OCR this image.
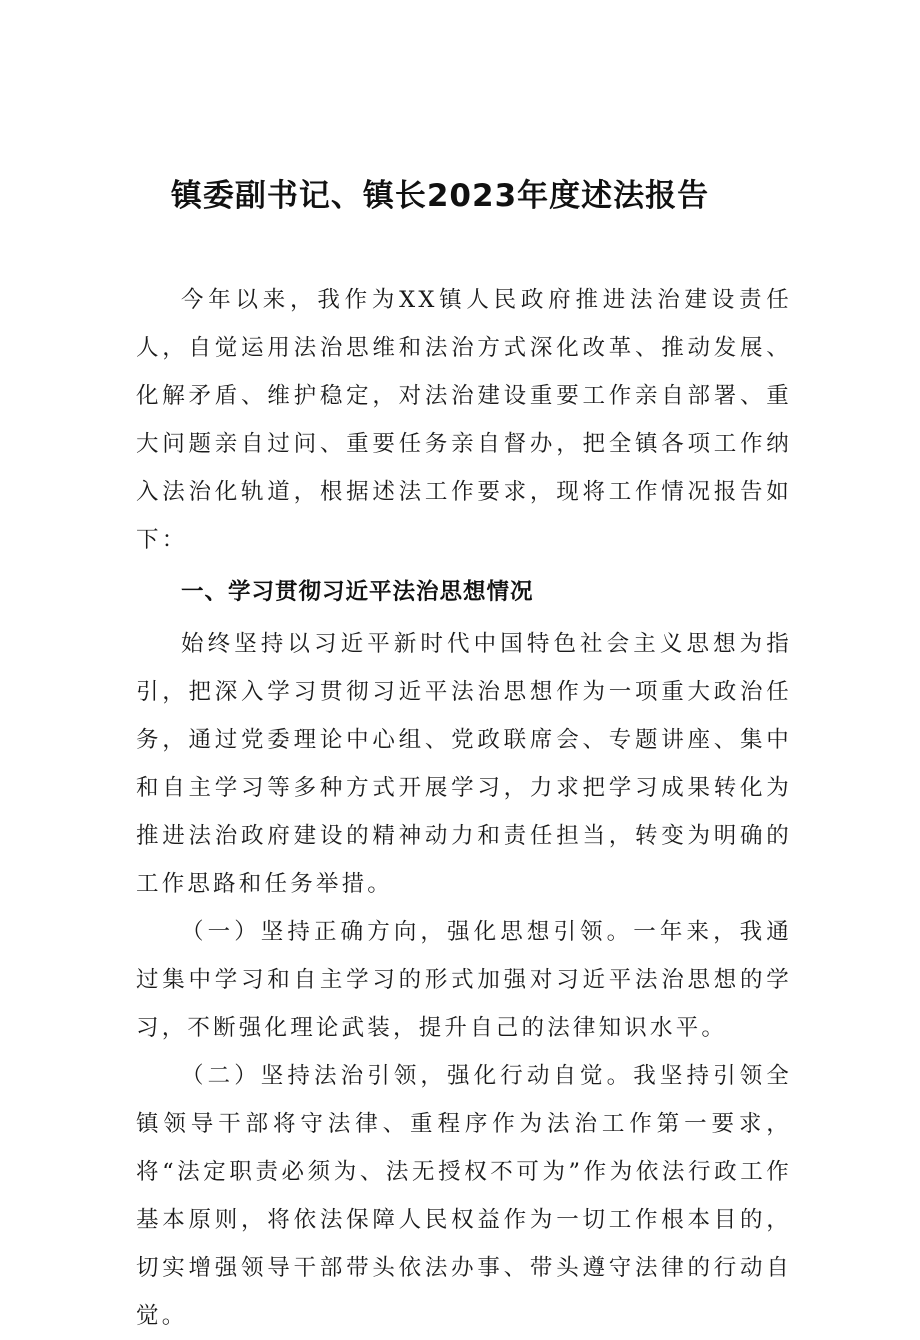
镇委副书记、镇长2023年度述法报告

今年以来，我作为XX镇人民政府推进法治建设责任人，自觉运用法治思维和法治方式深化改革、推动发展、化解矛盾、维护稳定，对法治建设重要工作亲自部署、重大问题亲自过问、重要任务亲自督办，把全镇各项工作纳入法治化轨道，根据述法工作要求，现将工作情况报告如下：

一、学习贯彻习近平法治思想情况

始终坚持以习近平新时代中国特色社会主义思想为指引，把深入学习贯彻习近平法治思想作为一项重大政治任务，通过党委理论中心组、党政联席会、专题讲座、集中和自主学习等多种方式开展学习，力求把学习成果转化为推进法治政府建设的精神动力和责任担当，转变为明确的工作思路和任务举措。

（一）坚持正确方向，强化思想引领。一年来，我通过集中学习和自主学习的形式加强对习近平法治思想的学习，不断强化理论武装，提升自己的法律知识水平。

（二）坚持法治引领，强化行动自觉。我坚持引领全镇领导干部将守法律、重程序作为法治工作第一要求，将“法定职责必须为、法无授权不可为”作为依法行政工作基本原则，将依法保障人民权益作为一切工作根本目的，切实增强领导干部带头依法办事、带头遵守法律的行动自觉。
